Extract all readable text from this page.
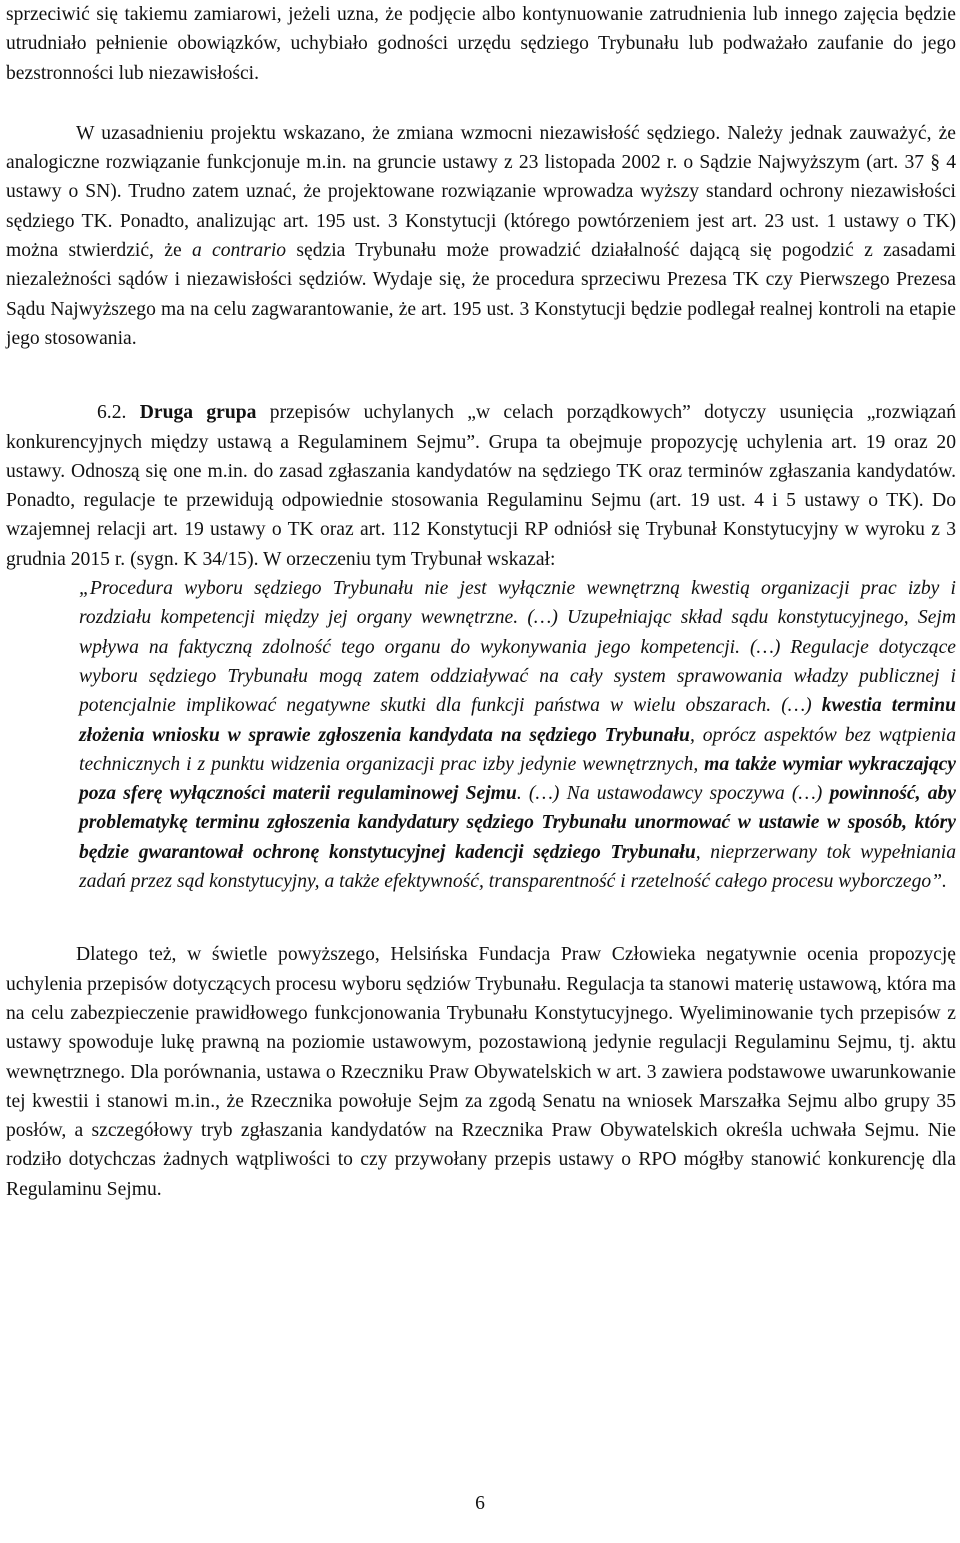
sprzeciwić się takiemu zamiarowi, jeżeli uzna, że podjęcie albo kontynuowanie zatrudnienia lub innego zajęcia będzie utrudniało pełnienie obowiązków, uchybiało godności urzędu sędziego Trybunału lub podważało zaufanie do jego bezstronności lub niezawisłości.

W uzasadnieniu projektu wskazano, że zmiana wzmocni niezawisłość sędziego. Należy jednak zauważyć, że analogiczne rozwiązanie funkcjonuje m.in. na gruncie ustawy z 23 listopada 2002 r. o Sądzie Najwyższym (art. 37 § 4 ustawy o SN). Trudno zatem uznać, że projektowane rozwiązanie wprowadza wyższy standard ochrony niezawisłości sędziego TK. Ponadto, analizując art. 195 ust. 3 Konstytucji (którego powtórzeniem jest art. 23 ust. 1 ustawy o TK) można stwierdzić, że a contrario sędzia Trybunału może prowadzić działalność dającą się pogodzić z zasadami niezależności sądów i niezawisłości sędziów. Wydaje się, że procedura sprzeciwu Prezesa TK czy Pierwszego Prezesa Sądu Najwyższego ma na celu zagwarantowanie, że art. 195 ust. 3 Konstytucji będzie podlegał realnej kontroli na etapie jego stosowania.

6.2. Druga grupa przepisów uchylanych „w celach porządkowych” dotyczy usunięcia „rozwiązań konkurencyjnych między ustawą a Regulaminem Sejmu”. Grupa ta obejmuje propozycję uchylenia art. 19 oraz 20 ustawy. Odnoszą się one m.in. do zasad zgłaszania kandydatów na sędziego TK oraz terminów zgłaszania kandydatów. Ponadto, regulacje te przewidują odpowiednie stosowania Regulaminu Sejmu (art. 19 ust. 4 i 5 ustawy o TK). Do wzajemnej relacji art. 19 ustawy o TK oraz art. 112 Konstytucji RP odniósł się Trybunał Konstytucyjny w wyroku z 3 grudnia 2015 r. (sygn. K 34/15). W orzeczeniu tym Trybunał wskazał:

„Procedura wyboru sędziego Trybunału nie jest wyłącznie wewnętrzną kwestią organizacji prac izby i rozdziału kompetencji między jej organy wewnętrzne. (…) Uzupełniając skład sądu konstytucyjnego, Sejm wpływa na faktyczną zdolność tego organu do wykonywania jego kompetencji. (…) Regulacje dotyczące wyboru sędziego Trybunału mogą zatem oddziaływać na cały system sprawowania władzy publicznej i potencjalnie implikować negatywne skutki dla funkcji państwa w wielu obszarach. (…) kwestia terminu złożenia wniosku w sprawie zgłoszenia kandydata na sędziego Trybunału, oprócz aspektów bez wątpienia technicznych i z punktu widzenia organizacji prac izby jedynie wewnętrznych, ma także wymiar wykraczający poza sferę wyłączności materii regulaminowej Sejmu. (…) Na ustawodawcy spoczywa (…) powinność, aby problematykę terminu zgłoszenia kandydatury sędziego Trybunału unormować w ustawie w sposób, który będzie gwarantował ochronę konstytucyjnej kadencji sędziego Trybunału, nieprzerwany tok wypełniania zadań przez sąd konstytucyjny, a także efektywność, transparentność i rzetelność całego procesu wyborczego”.

Dlatego też, w świetle powyższego, Helsińska Fundacja Praw Człowieka negatywnie ocenia propozycję uchylenia przepisów dotyczących procesu wyboru sędziów Trybunału. Regulacja ta stanowi materię ustawową, która ma na celu zabezpieczenie prawidłowego funkcjonowania Trybunału Konstytucyjnego. Wyeliminowanie tych przepisów z ustawy spowoduje lukę prawną na poziomie ustawowym, pozostawioną jedynie regulacji Regulaminu Sejmu, tj. aktu wewnętrznego. Dla porównania, ustawa o Rzeczniku Praw Obywatelskich w art. 3 zawiera podstawowe uwarunkowanie tej kwestii i stanowi m.in., że Rzecznika powołuje Sejm za zgodą Senatu na wniosek Marszałka Sejmu albo grupy 35 posłów, a szczegółowy tryb zgłaszania kandydatów na Rzecznika Praw Obywatelskich określa uchwała Sejmu. Nie rodziło dotychczas żadnych wątpliwości to czy przywołany przepis ustawy o RPO mógłby stanowić konkurencję dla Regulaminu Sejmu.

6
